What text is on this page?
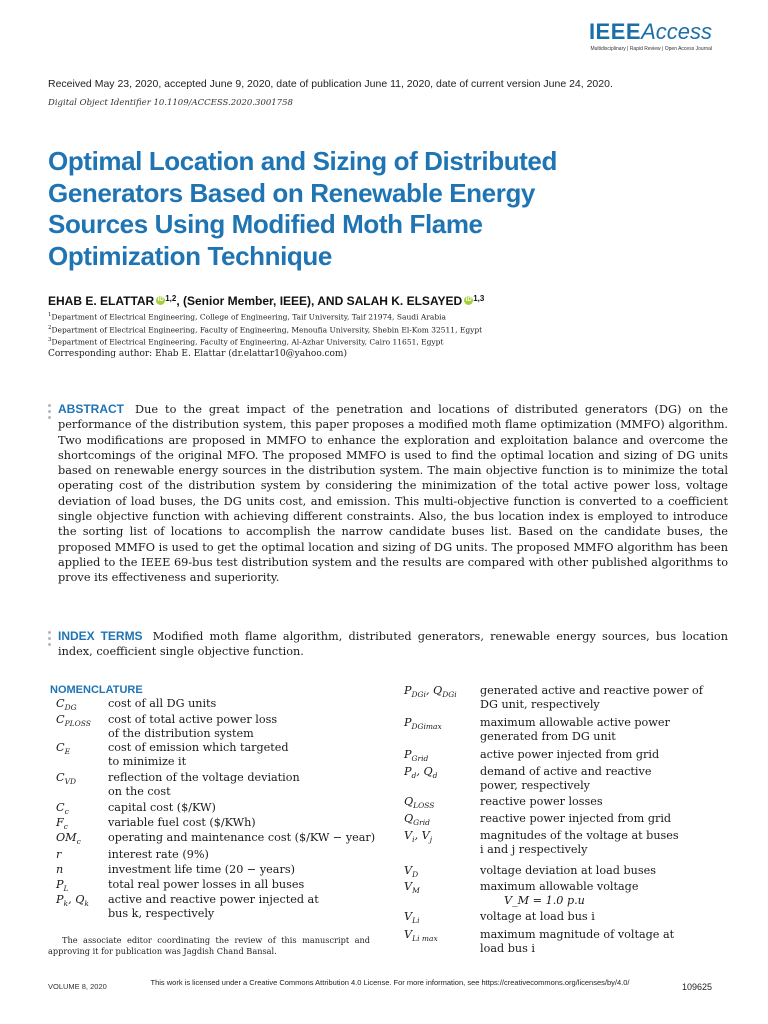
IEEEAccess
Multidisciplinary | Rapid Review | Open Access Journal
Received May 23, 2020, accepted June 9, 2020, date of publication June 11, 2020, date of current version June 24, 2020.
Digital Object Identifier 10.1109/ACCESS.2020.3001758
Optimal Location and Sizing of Distributed Generators Based on Renewable Energy Sources Using Modified Moth Flame Optimization Technique
EHAB E. ELATTAR iD $^{1,2}$, (Senior Member, IEEE), AND SALAH K. ELSAYED iD $^{1,3}$
$^1$Department of Electrical Engineering, College of Engineering, Taif University, Taif 21974, Saudi Arabia
$^2$Department of Electrical Engineering, Faculty of Engineering, Menoufia University, Shebin El-Kom 32511, Egypt
$^3$Department of Electrical Engineering, Faculty of Engineering, Al-Azhar University, Cairo 11651, Egypt
Corresponding author: Ehab E. Elattar (dr.elattar10@yahoo.com)
ABSTRACT Due to the great impact of the penetration and locations of distributed generators (DG) on the performance of the distribution system, this paper proposes a modified moth flame optimization (MMFO) algorithm. Two modifications are proposed in MMFO to enhance the exploration and exploitation balance and overcome the shortcomings of the original MFO. The proposed MMFO is used to find the optimal location and sizing of DG units based on renewable energy sources in the distribution system. The main objective function is to minimize the total operating cost of the distribution system by considering the minimization of the total active power loss, voltage deviation of load buses, the DG units cost, and emission. This multi-objective function is converted to a coefficient single objective function with achieving different constraints. Also, the bus location index is employed to introduce the sorting list of locations to accomplish the narrow candidate buses list. Based on the candidate buses, the proposed MMFO is used to get the optimal location and sizing of DG units. The proposed MMFO algorithm has been applied to the IEEE 69-bus test distribution system and the results are compared with other published algorithms to prove its effectiveness and superiority.
INDEX TERMS Modified moth flame algorithm, distributed generators, renewable energy sources, bus location index, coefficient single objective function.
NOMENCLATURE
$C_{DG}$	cost of all DG units
$C_{PLOSS}$ cost of total active power loss
of the distribution system
$C_E$	cost of emission which targeted
to minimize it
$C_{VD}$	reflection of the voltage deviation
on the cost
$C_c$	capital cost ($/KW)
$F_c$	variable fuel cost ($/KWh)
$OM_c$ operating and maintenance cost ($/KW − year)
r	interest rate (9%)
n	investment life time (20 − years)
$P_L$	total real power losses in all buses
$P_k$, $Q_k$ active and reactive power injected at
bus k, respectively
$P_{DGi}$, $Q_{DGi}$ generated active and reactive power of
DG unit, respectively
$P_{DGimax}$	maximum allowable active power
generated from DG unit
$P_{Grid}$	active power injected from grid
$P_d$, $Q_d$	demand of active and reactive
power, respectively
$Q_{LOSS}$	reactive power losses
$Q_{Grid}$	reactive power injected from grid
$V_i$, $V_j$	magnitudes of the voltage at buses
i and j respectively
$V_D$	voltage deviation at load buses
$V_M$	maximum allowable voltage
V_M = 1.0 p.u
$V_{Li}$	voltage at load bus i
$V_{Li max}$	maximum magnitude of voltage at
load bus i
The associate editor coordinating the review of this manuscript and approving it for publication was Jagdish Chand Bansal.
VOLUME 8, 2020	This work is licensed under a Creative Commons Attribution 4.0 License. For more information, see https://creativecommons.org/licenses/by/4.0/	109625
